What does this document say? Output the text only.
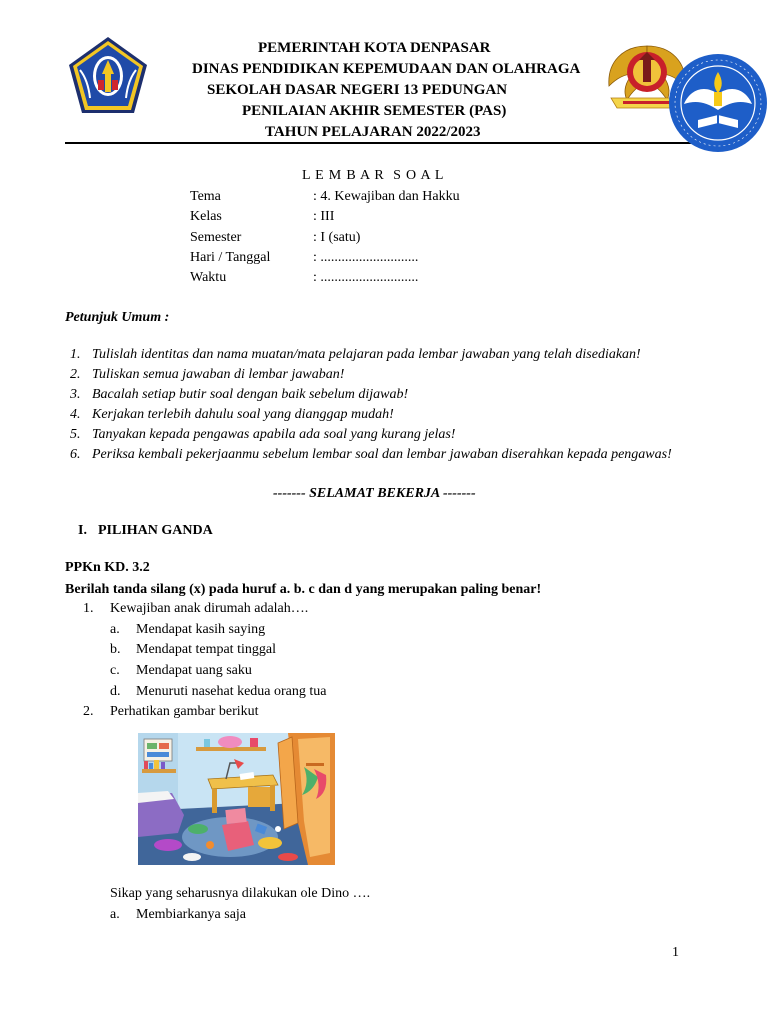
PEMERINTAH KOTA DENPASAR
DINAS PENDIDIKAN KEPEMUDAAN DAN OLAHRAGA
SEKOLAH DASAR NEGERI 13 PEDUNGAN
PENILAIAN AKHIR SEMESTER (PAS)
TAHUN PELAJARAN 2022/2023
L E M B A R  S O A L
Tema	: 4. Kewajiban dan Hakku
Kelas	: III
Semester	: I (satu)
Hari / Tanggal	: ............................
Waktu	: ............................
Petunjuk Umum :
1. Tulislah identitas dan nama muatan/mata pelajaran pada lembar jawaban yang telah disediakan!
2. Tuliskan semua jawaban di lembar jawaban!
3. Bacalah setiap butir soal dengan baik sebelum dijawab!
4. Kerjakan terlebih dahulu soal yang dianggap mudah!
5. Tanyakan kepada pengawas apabila ada soal yang kurang jelas!
6. Periksa kembali pekerjaanmu sebelum lembar soal dan lembar jawaban diserahkan kepada pengawas!
------- SELAMAT BEKERJA -------
I. PILIHAN GANDA
PPKn KD. 3.2
Berilah tanda silang (x) pada huruf a. b. c dan d yang merupakan paling benar!
1. Kewajiban anak dirumah adalah….
a. Mendapat kasih saying
b. Mendapat tempat tinggal
c. Mendapat uang saku
d. Menuruti nasehat kedua orang tua
2. Perhatikan gambar berikut
Sikap yang seharusnya dilakukan ole Dino ….
a. Membiarkanya saja
1
